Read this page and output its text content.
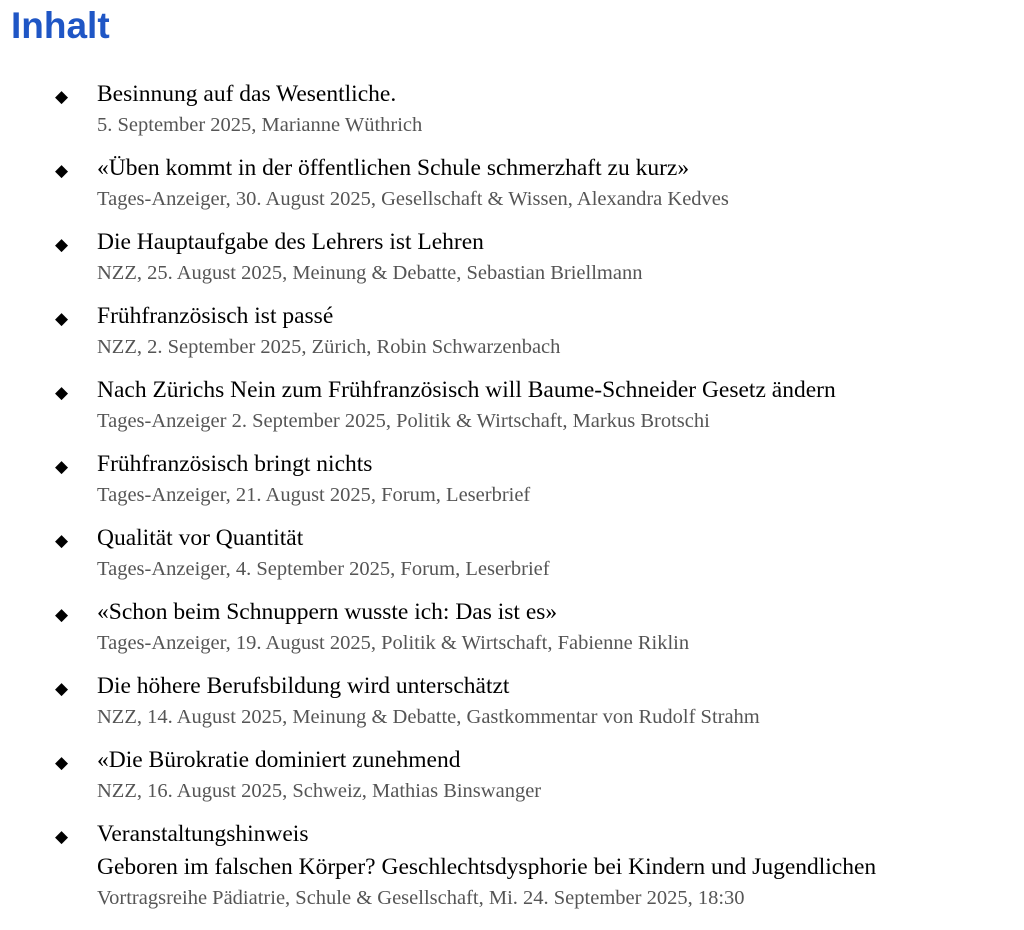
Inhalt
◆ Besinnung auf das Wesentliche.
5. September 2025, Marianne Wüthrich
◆ «Üben kommt in der öffentlichen Schule schmerzhaft zu kurz»
Tages-Anzeiger, 30. August 2025, Gesellschaft & Wissen, Alexandra Kedves
◆ Die Hauptaufgabe des Lehrers ist Lehren
NZZ, 25. August 2025, Meinung & Debatte, Sebastian Briellmann
◆ Frühfranzösisch ist passé
NZZ, 2. September 2025, Zürich, Robin Schwarzenbach
◆ Nach Zürichs Nein zum Frühfranzösisch will Baume-Schneider Gesetz ändern
Tages-Anzeiger 2. September 2025, Politik & Wirtschaft, Markus Brotschi
◆ Frühfranzösisch bringt nichts
Tages-Anzeiger, 21. August 2025, Forum, Leserbrief
◆ Qualität vor Quantität
Tages-Anzeiger, 4. September 2025, Forum, Leserbrief
◆ «Schon beim Schnuppern wusste ich: Das ist es»
Tages-Anzeiger, 19. August 2025, Politik & Wirtschaft, Fabienne Riklin
◆ Die höhere Berufsbildung wird unterschätzt
NZZ, 14. August 2025, Meinung & Debatte, Gastkommentar von Rudolf Strahm
◆ «Die Bürokratie dominiert zunehmend
NZZ, 16. August 2025, Schweiz, Mathias Binswanger
◆ Veranstaltungshinweis
Geboren im falschen Körper? Geschlechtsdysphorie bei Kindern und Jugendlichen
Vortragsreihe Pädiatrie, Schule & Gesellschaft, Mi. 24. September 2025, 18:30
